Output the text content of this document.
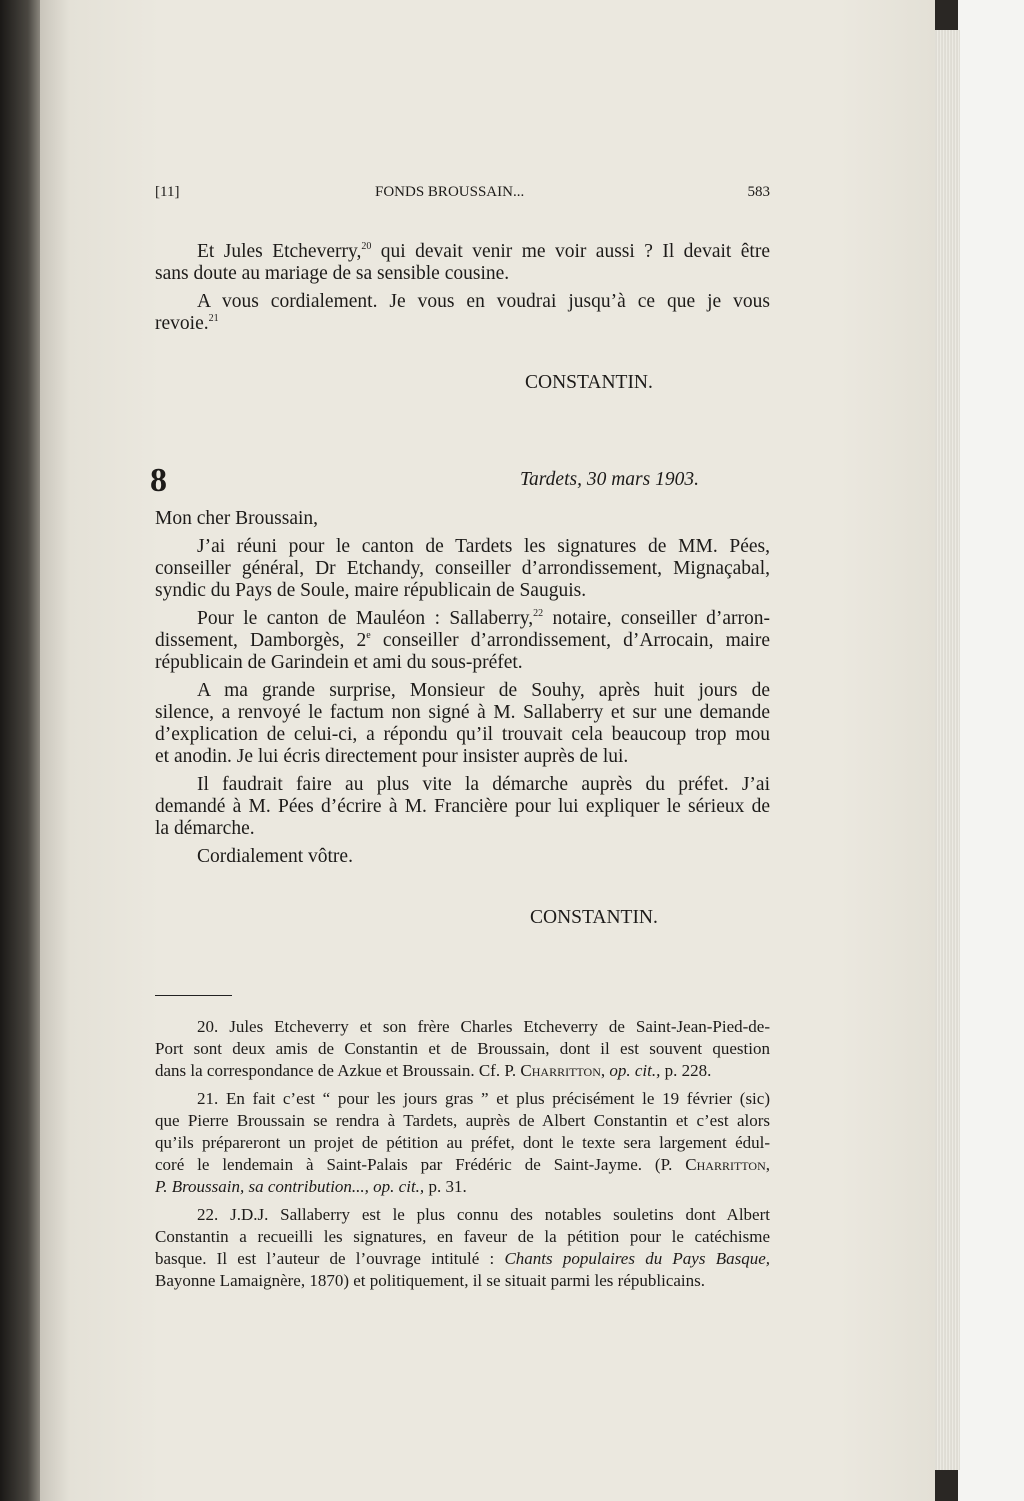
[11]	FONDS BROUSSAIN...	583
Et Jules Etcheverry,$^{20}$ qui devait venir me voir aussi ? Il devait être
sans doute au mariage de sa sensible cousine.
A vous cordialement. Je vous en voudrai jusqu’à ce que je vous
revoie.$^{21}$
CONSTANTIN.
8	Tardets, 30 mars 1903.
Mon cher Broussain,
J’ai réuni pour le canton de Tardets les signatures de MM. Pées,
conseiller général, Dr Etchandy, conseiller d’arrondissement, Mignaçabal,
syndic du Pays de Soule, maire républicain de Sauguis.
Pour le canton de Mauléon : Sallaberry,$^{22}$ notaire, conseiller d’arron-
dissement, Damborgès, 2e conseiller d’arrondissement, d’Arrocain, maire
républicain de Garindein et ami du sous-préfet.
A ma grande surprise, Monsieur de Souhy, après huit jours de
silence, a renvoyé le factum non signé à M. Sallaberry et sur une demande
d’explication de celui-ci, a répondu qu’il trouvait cela beaucoup trop mou
et anodin. Je lui écris directement pour insister auprès de lui.
Il faudrait faire au plus vite la démarche auprès du préfet. J’ai
demandé à M. Pées d’écrire à M. Francière pour lui expliquer le sérieux de
la démarche.
Cordialement vôtre.
CONSTANTIN.
20. Jules Etcheverry et son frère Charles Etcheverry de Saint-Jean-Pied-de-
Port sont deux amis de Constantin et de Broussain, dont il est souvent question
dans la correspondance de Azkue et Broussain. Cf. P. Charritton, op. cit., p. 228.
21. En fait c’est “ pour les jours gras ” et plus précisément le 19 février (sic)
que Pierre Broussain se rendra à Tardets, auprès de Albert Constantin et c’est alors
qu’ils prépareront un projet de pétition au préfet, dont le texte sera largement édul-
coré le lendemain à Saint-Palais par Frédéric de Saint-Jayme. (P. Charritton,
P. Broussain, sa contribution..., op. cit., p. 31.
22. J.D.J. Sallaberry est le plus connu des notables souletins dont Albert
Constantin a recueilli les signatures, en faveur de la pétition pour le catéchisme
basque. Il est l’auteur de l’ouvrage intitulé : Chants populaires du Pays Basque,
Bayonne Lamaignère, 1870) et politiquement, il se situait parmi les républicains.
